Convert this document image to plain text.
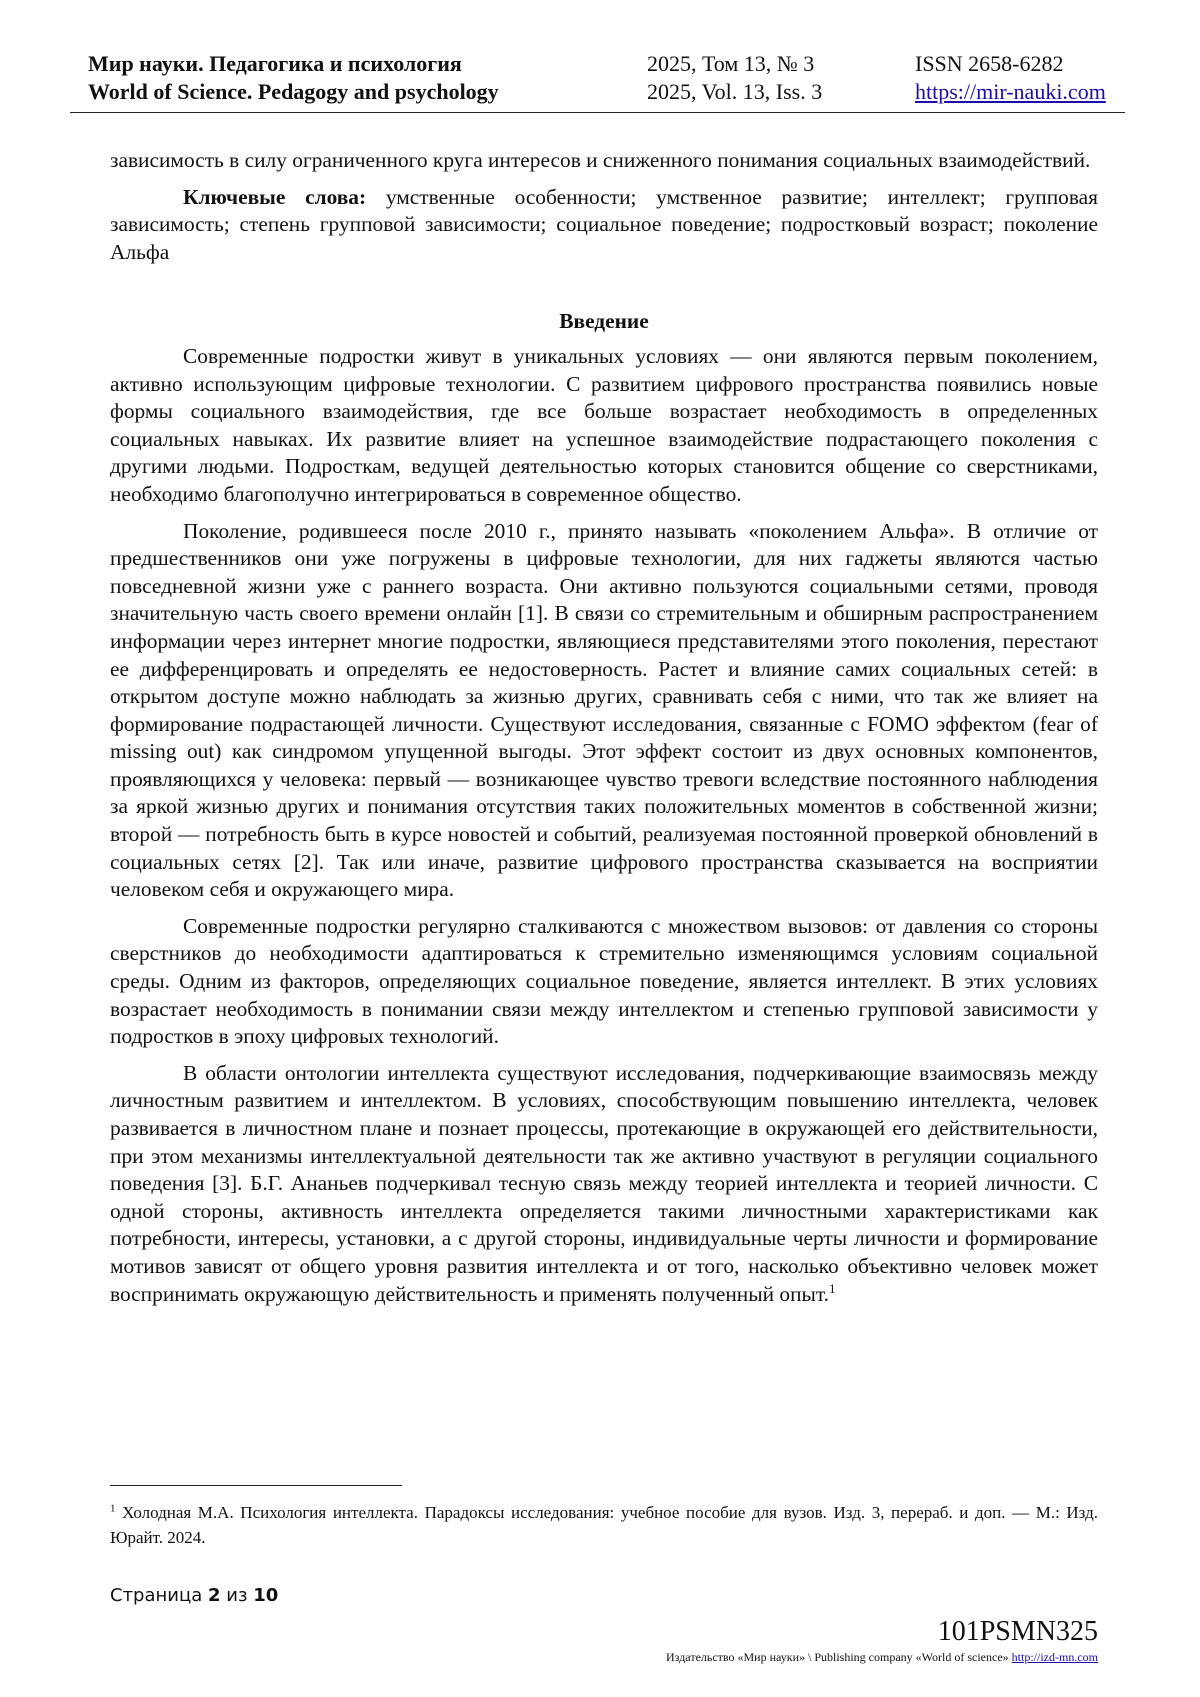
Мир науки. Педагогика и психология
World of Science. Pedagogy and psychology
2025, Том 13, № 3
2025, Vol. 13, Iss. 3
ISSN 2658-6282
https://mir-nauki.com

зависимость в силу ограниченного круга интересов и сниженного понимания социальных взаимодействий.

Ключевые слова: умственные особенности; умственное развитие; интеллект; групповая зависимость; степень групповой зависимости; социальное поведение; подростковый возраст; поколение Альфа

Введение

Современные подростки живут в уникальных условиях — они являются первым поколением, активно использующим цифровые технологии. С развитием цифрового пространства появились новые формы социального взаимодействия, где все больше возрастает необходимость в определенных социальных навыках. Их развитие влияет на успешное взаимодействие подрастающего поколения с другими людьми. Подросткам, ведущей деятельностью которых становится общение со сверстниками, необходимо благополучно интегрироваться в современное общество.

Поколение, родившееся после 2010 г., принято называть «поколением Альфа». В отличие от предшественников они уже погружены в цифровые технологии, для них гаджеты являются частью повседневной жизни уже с раннего возраста. Они активно пользуются социальными сетями, проводя значительную часть своего времени онлайн [1]. В связи со стремительным и обширным распространением информации через интернет многие подростки, являющиеся представителями этого поколения, перестают ее дифференцировать и определять ее недостоверность. Растет и влияние самих социальных сетей: в открытом доступе можно наблюдать за жизнью других, сравнивать себя с ними, что так же влияет на формирование подрастающей личности. Существуют исследования, связанные с FOMO эффектом (fear of missing out) как синдромом упущенной выгоды. Этот эффект состоит из двух основных компонентов, проявляющихся у человека: первый — возникающее чувство тревоги вследствие постоянного наблюдения за яркой жизнью других и понимания отсутствия таких положительных моментов в собственной жизни; второй — потребность быть в курсе новостей и событий, реализуемая постоянной проверкой обновлений в социальных сетях [2]. Так или иначе, развитие цифрового пространства сказывается на восприятии человеком себя и окружающего мира.

Современные подростки регулярно сталкиваются с множеством вызовов: от давления со стороны сверстников до необходимости адаптироваться к стремительно изменяющимся условиям социальной среды. Одним из факторов, определяющих социальное поведение, является интеллект. В этих условиях возрастает необходимость в понимании связи между интеллектом и степенью групповой зависимости у подростков в эпоху цифровых технологий.

В области онтологии интеллекта существуют исследования, подчеркивающие взаимосвязь между личностным развитием и интеллектом. В условиях, способствующим повышению интеллекта, человек развивается в личностном плане и познает процессы, протекающие в окружающей его действительности, при этом механизмы интеллектуальной деятельности так же активно участвуют в регуляции социального поведения [3]. Б.Г. Ананьев подчеркивал тесную связь между теорией интеллекта и теорией личности. С одной стороны, активность интеллекта определяется такими личностными характеристиками как потребности, интересы, установки, а с другой стороны, индивидуальные черты личности и формирование мотивов зависят от общего уровня развития интеллекта и от того, насколько объективно человек может воспринимать окружающую действительность и применять полученный опыт.$^1$

$^1$ Холодная М.А. Психология интеллекта. Парадоксы исследования: учебное пособие для вузов. Изд. 3, перераб. и доп. — М.: Изд. Юрайт. 2024.
Страница 2 из 10
101PSMN325
Издательство «Мир науки» \ Publishing company «World of science» http://izd-mn.com
